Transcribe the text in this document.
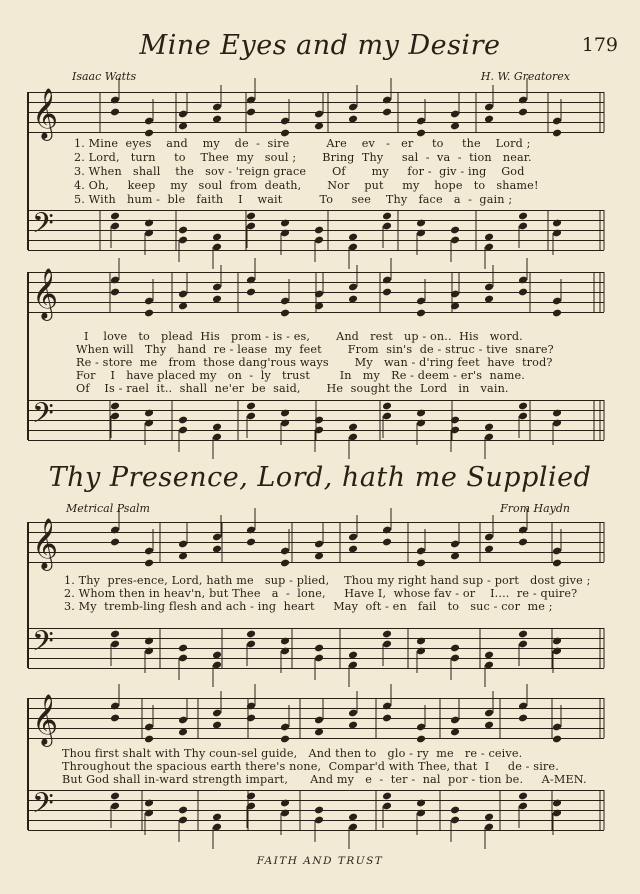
Mine Eyes and my Desire	179
Isaac Watts	H. W. Greatorex
1. Mine  eyes    and    my    de  -  sire          Are    ev   -   er     to     the    Lord ;
2. Lord,   turn     to    Thee  my   soul ;       Bring  Thy     sal  -  va  -  tion   near.
3. When   shall    the   sov - 'reign grace       Of       my     for -  giv - ing    God
4. Oh,     keep    my   soul  from  death,       Nor    put     my    hope   to   shame!
5. With   hum -  ble   faith    I    wait          To     see    Thy   face   a  -  gain ;
I    love   to   plead  His   prom - is - es,       And   rest   up - on..  His   word.
When will   Thy   hand  re - lease  my  feet       From  sin's  de - struc - tive  snare?
Re - store  me   from  those dang'rous ways       My   wan - d'ring feet  have  trod?
For    I   have placed my   on  -  ly   trust        In   my   Re - deem - er's  name.
Of    Is - rael  it..  shall  ne'er  be  said,       He  sought the  Lord   in   vain.
Thy Presence, Lord, hath me Supplied
Metrical Psalm	From Haydn
1. Thy  pres-ence, Lord, hath me   sup - plied,    Thou my right hand sup - port   dost give ;
2. Whom then in heav'n, but Thee   a  -  lone,     Have I,  whose fav - or    I....  re - quire?
3. My  tremb-ling flesh and ach - ing  heart     May  oft - en   fail   to   suc - cor  me ;
Thou first shalt with Thy coun-sel guide,   And then to   glo - ry  me   re - ceive.
Throughout the spacious earth there's none,  Compar'd with Thee, that  I     de - sire.
But God shall in-ward strength impart,      And my   e  -  ter -  nal  por - tion be.     A-MEN.
𝄞
𝄢
𝄞
𝄢
𝄞
𝄢
𝄞
𝄢
FAITH AND TRUST
